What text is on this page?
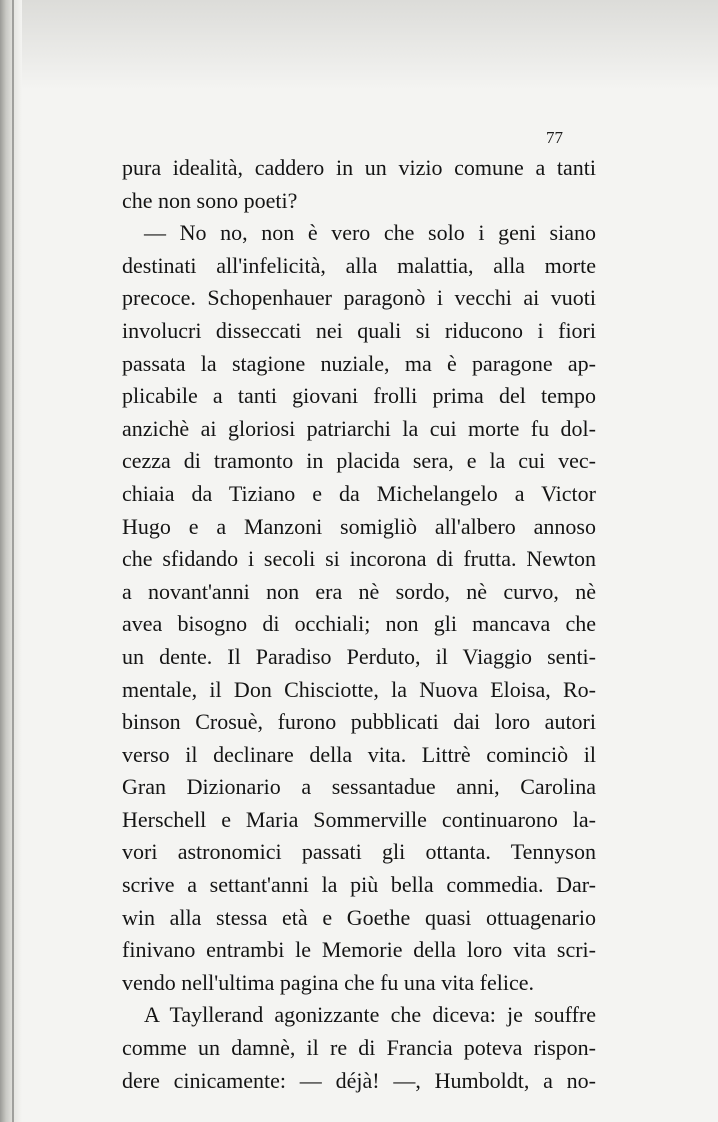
77
pura idealità, caddero in un vizio comune a tanti
che non sono poeti?
— No no, non è vero che solo i geni siano
destinati all'infelicità, alla malattia, alla morte
precoce. Schopenhauer paragonò i vecchi ai vuoti
involucri disseccati nei quali si riducono i fiori
passata la stagione nuziale, ma è paragone ap-
plicabile a tanti giovani frolli prima del tempo
anzichè ai gloriosi patriarchi la cui morte fu dol-
cezza di tramonto in placida sera, e la cui vec-
chiaia da Tiziano e da Michelangelo a Victor
Hugo e a Manzoni somigliò all'albero annoso
che sfidando i secoli si incorona di frutta. Newton
a novant'anni non era nè sordo, nè curvo, nè
avea bisogno di occhiali; non gli mancava che
un dente. Il Paradiso Perduto, il Viaggio senti-
mentale, il Don Chisciotte, la Nuova Eloisa, Ro-
binson Crosuè, furono pubblicati dai loro autori
verso il declinare della vita. Littrè cominciò il
Gran Dizionario a sessantadue anni, Carolina
Herschell e Maria Sommerville continuarono la-
vori astronomici passati gli ottanta. Tennyson
scrive a settant'anni la più bella commedia. Dar-
win alla stessa età e Goethe quasi ottuagenario
finivano entrambi le Memorie della loro vita scri-
vendo nell'ultima pagina che fu una vita felice.
A Tayllerand agonizzante che diceva: je souffre
comme un damnè, il re di Francia poteva rispon-
dere cinicamente: — déjà! —, Humboldt, a no-
